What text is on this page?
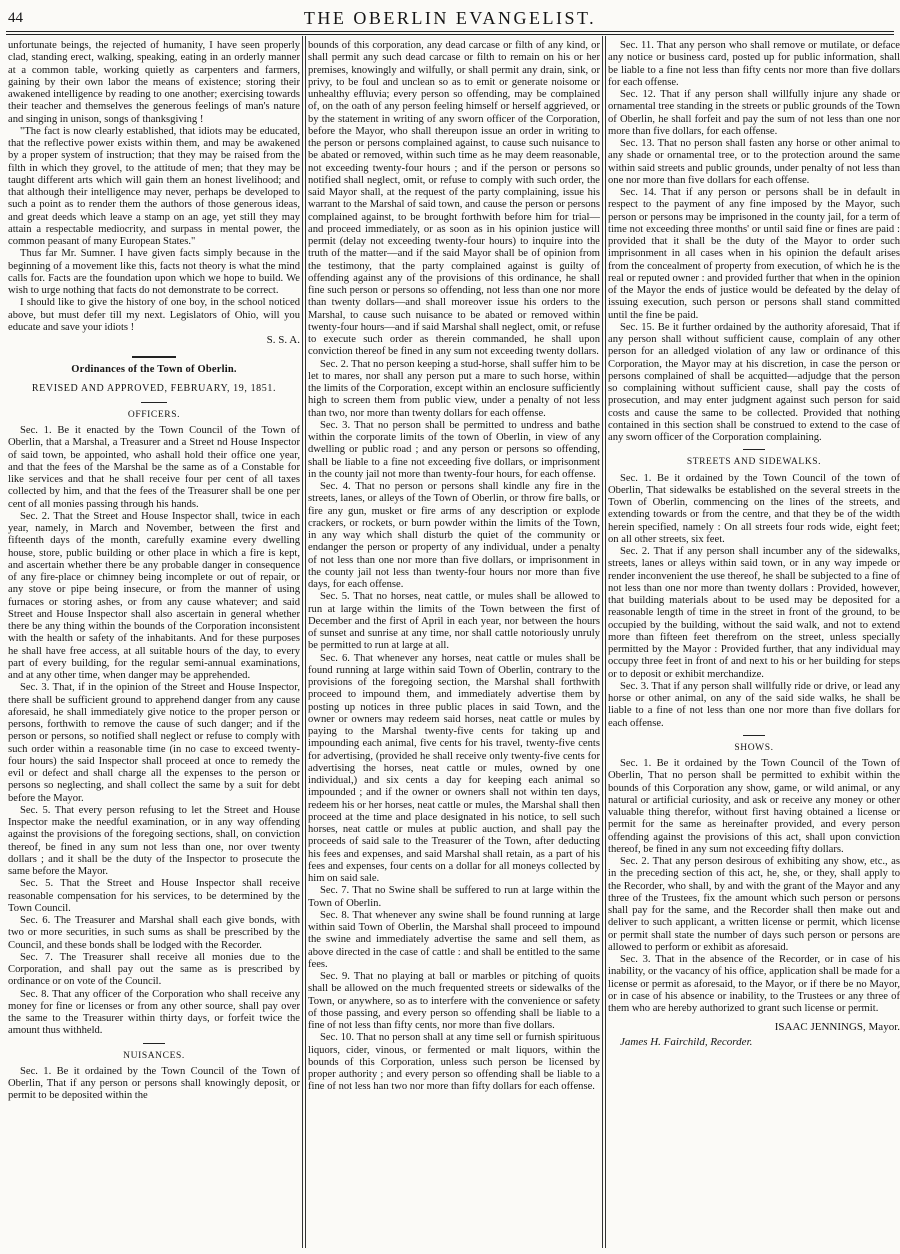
44	THE OBERLIN EVANGELIST.

unfortunate beings, the rejected of humanity, I have seen properly clad, standing erect, walking, speaking, eating in an orderly manner at a common table, working quietly as carpenters and farmers, gaining by their own labor the means of existence; storing their awakened intelligence by reading to one another; exercising towards their teacher and themselves the generous feelings of man's nature and singing in unison, songs of thanksgiving !

"The fact is now clearly established, that idiots may be educated, that the reflective power exists within them, and may be awakened by a proper system of instruction; that they may be raised from the filth in which they grovel, to the attitude of men; that they may be taught different arts which will gain them an honest livelihood; and that although their intelligence may never, perhaps be developed to such a point as to render them the authors of those generous ideas, and great deeds which leave a stamp on an age, yet still they may attain a respectable mediocrity, and surpass in mental power, the common peasant of many European States."

Thus far Mr. Sumner. I have given facts simply because in the beginning of a movement like this, facts not theory is what the mind calls for. Facts are the foundation upon which we hope to build. We wish to urge nothing that facts do not demonstrate to be correct.

I should like to give the history of one boy, in the school noticed above, but must defer till my next. Legislators of Ohio, will you educate and save your idiots !

S. S. A.
Ordinances of the Town of Oberlin.
REVISED AND APPROVED, FEBRUARY, 19, 1851.
OFFICERS.

Sec. 1. Be it enacted by the Town Council of the Town of Oberlin, that a Marshal, a Treasurer and a Street nd House Inspector of said town, be appointed, who ashall hold their office one year, and that the fees of the Marshal be the same as of a Constable for like services and that he shall receive four per cent of all taxes collected by him, and that the fees of the Treasurer shall be one per cent of all monies passing through his hands.

Sec. 2. That the Street and House Inspector shall, twice in each year, namely, in March and November, between the first and fifteenth days of the month, carefully examine every dwelling house, store, public building or other place in which a fire is kept, and ascertain whether there be any probable danger in consequence of any fire-place or chimney being incomplete or out of repair, or any stove or pipe being insecure, or from the manner of using furnaces or storing ashes, or from any cause whatever; and said Street and House Inspector shall also ascertain in general whether there be any thing within the bounds of the Corporation inconsistent with the health or safety of the inhabitants. And for these purposes he shall have free access, at all suitable hours of the day, to every part of every building, for the regular semi-annual examinations, and at any other time, when danger may be apprehended.

Sec. 3. That, if in the opinion of the Street and House Inspector, there shall be sufficient ground to apprehend danger from any cause aforesaid, he shall immediately give notice to the proper person or persons, forthwith to remove the cause of such danger; and if the person or persons, so notified shall neglect or refuse to comply with such order within a reasonable time (in no case to exceed twenty-four hours) the said Inspector shall proceed at once to remedy the evil or defect and shall charge all the expenses to the person or persons so neglecting, and shall collect the same by a suit for debt before the Mayor.

Sec. 5. That every person refusing to let the Street and House Inspector make the needful examination, or in any way offending against the provisions of the foregoing sections, shall, on conviction thereof, be fined in any sum not less than one, nor over twenty dollars ; and it shall be the duty of the Inspector to prosecute the same before the Mayor.

Sec. 5. That the Street and House Inspector shall receive reasonable compensation for his services, to be determined by the Town Council.

Sec. 6. The Treasurer and Marshal shall each give bonds, with two or more securities, in such sums as shall be prescribed by the Council, and these bonds shall be lodged with the Recorder.

Sec. 7. The Treasurer shall receive all monies due to the Corporation, and shall pay out the same as is prescribed by ordinance or on vote of the Council.

Sec. 8. That any officer of the Corporation who shall receive any money for fine or licenses or from any other source, shall pay over the same to the Treasurer within thirty days, or forfeit twice the amount thus withheld.

NUISANCES.

Sec. 1. Be it ordained by the Town Council of the Town of Oberlin, That if any person or persons shall knowingly deposit, or permit to be deposited within the

bounds of this corporation, any dead carcase or filth of any kind, or shall permit any such dead carcase or filth to remain on his or her premises, knowingly and wilfully, or shall permit any drain, sink, or privy, to be foul and unclean so as to emit or generate noisome or unhealthy effluvia; every person so offending, may be complained of, on the oath of any person feeling himself or herself aggrieved, or by the statement in writing of any sworn officer of the Corporation, before the Mayor, who shall thereupon issue an order in writing to the person or persons complained against, to cause such nuisance to be abated or removed, within such time as he may deem reasonable, not exceeding twenty-four hours ; and if the person or persons so notified shall neglect, omit, or refuse to comply with such order, the said Mayor shall, at the request of the party complaining, issue his warrant to the Marshal of said town, and cause the person or persons complained against, to be brought forthwith before him for trial—and proceed immediately, or as soon as in his opinion justice will permit (delay not exceeding twenty-four hours) to inquire into the truth of the matter—and if the said Mayor shall be of opinion from the testimony, that the party complained against is guilty of offending against any of the provisions of this ordinance, he shall fine such person or persons so offending, not less than one nor more than twenty dollars—and shall moreover issue his orders to the Marshal, to cause such nuisance to be abated or removed within twenty-four hours—and if said Marshal shall neglect, omit, or refuse to execute such order as therein commanded, he shall upon conviction thereof be fined in any sum not exceeding twenty dollars.

Sec. 2. That no person keeping a stud-horse, shall suffer him to be let to mares, nor shall any person put a mare to such horse, within the limits of the Corporation, except within an enclosure sufficiently high to screen them from public view, under a penalty of not less than two, nor more than twenty dollars for each offense.

Sec. 3. That no person shall be permitted to undress and bathe within the corporate limits of the town of Oberlin, in view of any dwelling or public road ; and any person or persons so offending, shall be liable to a fine not exceeding five dollars, or imprisonment in the county jail not more than twenty-four hours, for each offense.

Sec. 4. That no person or persons shall kindle any fire in the streets, lanes, or alleys of the Town of Oberlin, or throw fire balls, or fire any gun, musket or fire arms of any description or explode crackers, or rockets, or burn powder within the limits of the Town, in any way which shall disturb the quiet of the community or endanger the person or property of any individual, under a penalty of not less than one nor more than five dollars, or imprisonment in the county jail not less than twenty-four hours nor more than five days, for each offense.

Sec. 5. That no horses, neat cattle, or mules shall be allowed to run at large within the limits of the Town between the first of December and the first of April in each year, nor between the hours of sunset and sunrise at any time, nor shall cattle notoriously unruly be permitted to run at large at all.

Sec. 6. That whenever any horses, neat cattle or mules shall be found running at large within said Town of Oberlin, contrary to the provisions of the foregoing section, the Marshal shall forthwith proceed to impound them, and immediately advertise them by posting up notices in three public places in said Town, and the owner or owners may redeem said horses, neat cattle or mules by paying to the Marshal twenty-five cents for taking up and impounding each animal, five cents for his travel, twenty-five cents for advertising, (provided he shall receive only twenty-five cents for advertising the horses, neat cattle or mules, owned by one individual,) and six cents a day for keeping each animal so impounded ; and if the owner or owners shall not within ten days, redeem his or her horses, neat cattle or mules, the Marshal shall then proceed at the time and place designated in his notice, to sell such horses, neat cattle or mules at public auction, and shall pay the proceeds of said sale to the Treasurer of the Town, after deducting his fees and expenses, and said Marshal shall retain, as a part of his fees and expenses, four cents on a dollar for all moneys collected by him on said sale.

Sec. 7. That no Swine shall be suffered to run at large within the Town of Oberlin.

Sec. 8. That whenever any swine shall be found running at large within said Town of Oberlin, the Marshal shall proceed to impound the swine and immediately advertise the same and sell them, as above directed in the case of cattle : and shall be entitled to the same fees.

Sec. 9. That no playing at ball or marbles or pitching of quoits shall be allowed on the much frequented streets or sidewalks of the Town, or anywhere, so as to interfere with the convenience or safety of those passing, and every person so offending shall be liable to a fine of not less than fifty cents, nor more than five dollars.

Sec. 10. That no person shall at any time sell or furnish spirituous liquors, cider, vinous, or fermented or malt liquors, within the bounds of this Corporation, unless such person be licensed by proper authority ; and every person so offending shall be liable to a fine of not less han two nor more than fifty dollars for each offense.

Sec. 11. That any person who shall remove or mutilate, or deface any notice or business card, posted up for public information, shall be liable to a fine not less than fifty cents nor more than five dollars for each offense.

Sec. 12. That if any person shall willfully injure any shade or ornamental tree standing in the streets or public grounds of the Town of Oberlin, he shall forfeit and pay the sum of not less than one nor more than five dollars, for each offense.

Sec. 13. That no person shall fasten any horse or other animal to any shade or ornamental tree, or to the protection around the same within said streets and public grounds, under penalty of not less than one nor more than five dollars for each offense.

Sec. 14. That if any person or persons shall be in default in respect to the payment of any fine imposed by the Mayor, such person or persons may be imprisoned in the county jail, for a term of time not exceeding three months' or until said fine or fines are paid : provided that it shall be the duty of the Mayor to order such imprisonment in all cases when in his opinion the default arises from the concealment of property from execution, of which he is the real or reputed owner : and provided further that when in the opinion of the Mayor the ends of justice would be defeated by the delay of issuing execution, such person or persons shall stand committed until the fine be paid.

Sec. 15. Be it further ordained by the authority aforesaid, That if any person shall without sufficient cause, complain of any other person for an alledged violation of any law or ordinance of this Corporation, the Mayor may at his discretion, in case the person or persons complained of shall be acquitted—adjudge that the person so complaining without sufficient cause, shall pay the costs of prosecution, and may enter judgment against such person for said costs and cause the same to be collected. Provided that nothing contained in this section shall be construed to extend to the case of any sworn officer of the Corporation complaining.

STREETS AND SIDEWALKS.

Sec. 1. Be it ordained by the Town Council of the town of Oberlin, That sidewalks be established on the several streets in the Town of Oberlin, commencing on the lines of the streets, and extending towards or from the centre, and that they be of the width herein specified, namely : On all streets four rods wide, eight feet; on all other streets, six feet.

Sec. 2. That if any person shall incumber any of the sidewalks, streets, lanes or alleys within said town, or in any way impede or render inconvenient the use thereof, he shall be subjected to a fine of not less than one nor more than twenty dollars : Provided, however, that building materials about to be used may be deposited for a reasonable length of time in the street in front of the ground, to be occupied by the building, without the said walk, and not to extend more than fifteen feet therefrom on the street, unless specially permitted by the Mayor : Provided further, that any individual may occupy three feet in front of and next to his or her building for steps or to deposit or exhibit merchandize.

Sec. 3. That if any person shall willfully ride or drive, or lead any horse or other animal, on any of the said side walks, he shall be liable to a fine of not less than one nor more than five dollars for each offense.

SHOWS.

Sec. 1. Be it ordained by the Town Council of the Town of Oberlin, That no person shall be permitted to exhibit within the bounds of this Corporation any show, game, or wild animal, or any natural or artificial curiosity, and ask or receive any money or other valuable thing therefor, without first having obtained a license or permit for the same as hereinafter provided, and every person offending against the provisions of this act, shall upon conviction thereof, be fined in any sum not exceeding fifty dollars.

Sec. 2. That any person desirous of exhibiting any show, etc., as in the preceding section of this act, he, she, or they, shall apply to the Recorder, who shall, by and with the grant of the Mayor and any three of the Trustees, fix the amount which such person or persons shall pay for the same, and the Recorder shall then make out and deliver to such applicant, a written license or permit, which license or permit shall state the number of days such person or persons are allowed to perform or exhibit as aforesaid.

Sec. 3. That in the absence of the Recorder, or in case of his inability, or the vacancy of his office, application shall be made for a license or permit as aforesaid, to the Mayor, or if there be no Mayor, or in case of his absence or inability, to the Trustees or any three of them who are hereby authorized to grant such license or permit.

ISAAC JENNINGS, Mayor.
James H. Fairchild, Recorder.
